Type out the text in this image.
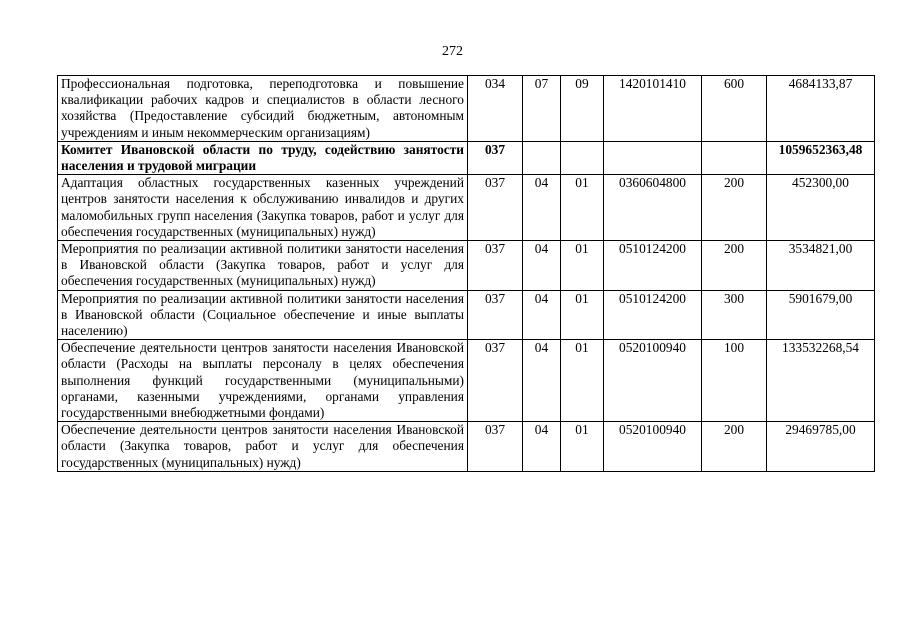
272
Профессиональная подготовка, переподготовка и повышение квалификации рабочих кадров и специалистов в области лесного хозяйства (Предоставление субсидий бюджетным, автономным учреждениям и иным некоммерческим организациям)	034	07	09	1420101410	600	4684133,87
Комитет Ивановской области по труду, содействию занятости населения и трудовой миграции	037					1059652363,48
Адаптация областных государственных казенных учреждений центров занятости населения к обслуживанию инвалидов и других маломобильных групп населения (Закупка товаров, работ и услуг для обеспечения государственных (муниципальных) нужд)	037	04	01	0360604800	200	452300,00
Мероприятия по реализации активной политики занятости населения в Ивановской области (Закупка товаров, работ и услуг для обеспечения государственных (муниципальных) нужд)	037	04	01	0510124200	200	3534821,00
Мероприятия по реализации активной политики занятости населения в Ивановской области (Социальное обеспечение и иные выплаты населению)	037	04	01	0510124200	300	5901679,00
Обеспечение деятельности центров занятости населения Ивановской области (Расходы на выплаты персоналу в целях обеспечения выполнения функций государственными (муниципальными) органами, казенными учреждениями, органами управления государственными внебюджетными фондами)	037	04	01	0520100940	100	133532268,54
Обеспечение деятельности центров занятости населения Ивановской области (Закупка товаров, работ и услуг для обеспечения государственных (муниципальных) нужд)	037	04	01	0520100940	200	29469785,00
